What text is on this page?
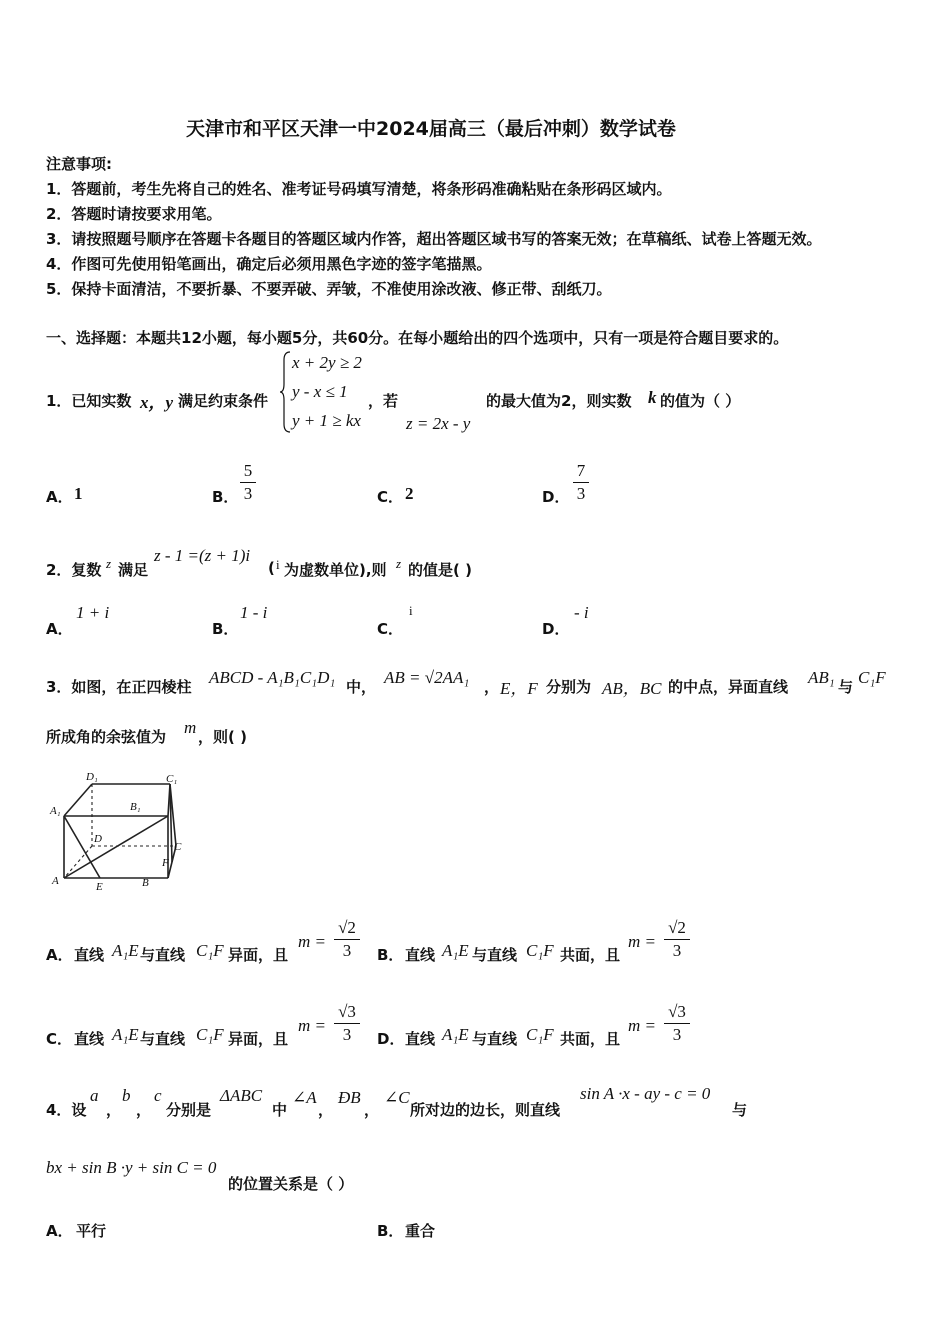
天津市和平区天津一中2024届高三（最后冲刺）数学试卷
注意事项:
1．答题前，考生先将自己的姓名、准考证号码填写清楚，将条形码准确粘贴在条形码区域内。
2．答题时请按要求用笔。
3．请按照题号顺序在答题卡各题目的答题区域内作答，超出答题区域书写的答案无效；在草稿纸、试卷上答题无效。
4．作图可先使用铅笔画出，确定后必须用黑色字迹的签字笔描黑。
5．保持卡面清洁，不要折暴、不要弄破、弄皱，不准使用涂改液、修正带、刮纸刀。
一、选择题：本题共12小题，每小题5分，共60分。在每小题给出的四个选项中，只有一项是符合题目要求的。
1．已知实数 x，y 满足约束条件
x + 2y ≥ 2
y - x ≤ 1
y + 1 ≥ kx
，若
z = 2x - y
的最大值为2，则实数 k 的值为（ ）
A． 1	B．
5
3	C． 2	D．
7
3
2．复数 z 满足
z - 1 =(z + 1)i
( i 为虚数单位),则 z 的值是( )
A．
1 + i
B．
1 - i
C．
i
D．
- i
3．如图，在正四棱柱 ABCD - A₁B₁C₁D₁ 中， AB = √2AA₁ ， E，F 分别为 AB，BC 的中点，异面直线 AB₁ 与 C₁F
所成角的余弦值为 m ，则( )
D₁	C₁
A₁	B₁
D
C
F
A	E	B
A． 直线 A₁E 与直线 C₁F 异面，且
m =
√2
3	B． 直线 A₁E 与直线 C₁F 共面，且
m =
√2
3
C． 直线 A₁E 与直线 C₁F 异面，且
m =
√3
3	D． 直线 A₁E 与直线 C₁F 共面，且
m =
√3
3
4．设
a
，
b
，
c
分别是
ΔABC
中
∠A
，
ÐB
，
∠C
所对边的边长，则直线
sin A ·x - ay - c = 0
与
bx + sin B ·y + sin C = 0
的位置关系是（ ）
A． 平行	B． 重合
